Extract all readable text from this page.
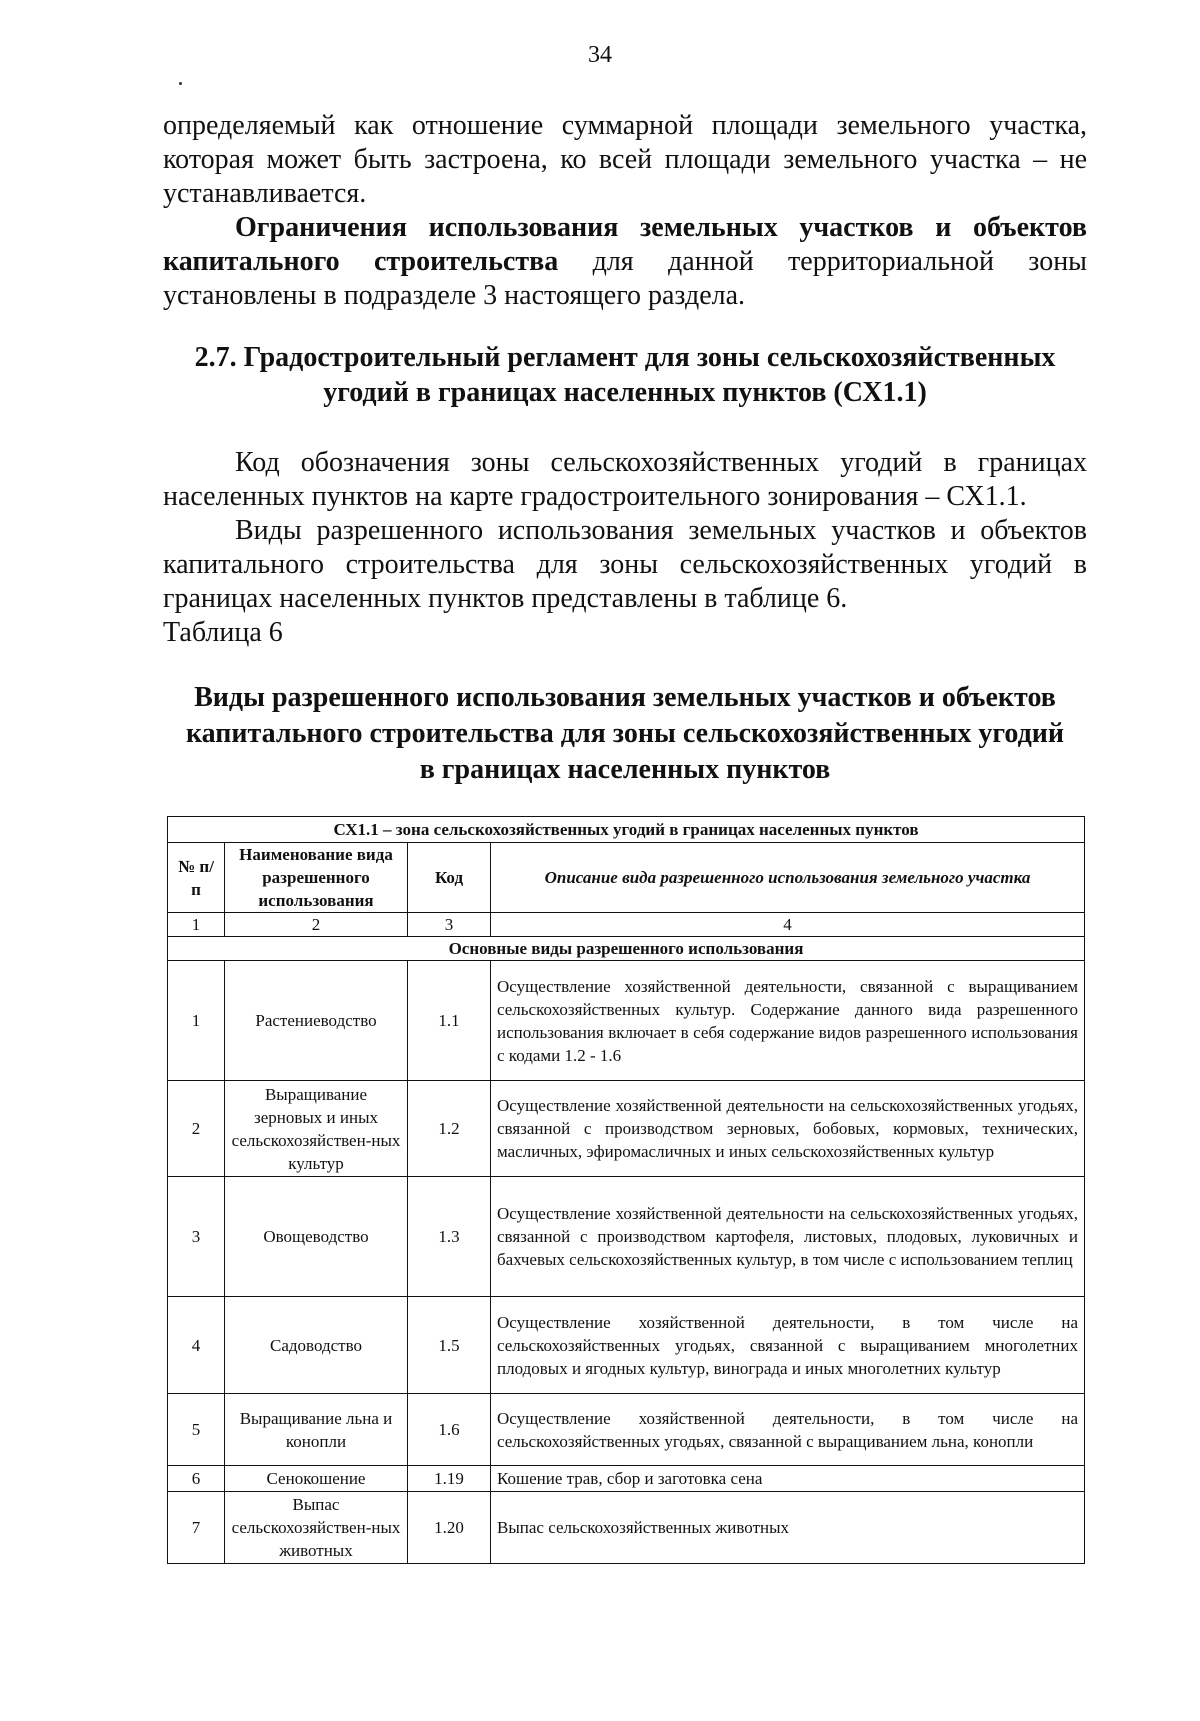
34

определяемый как отношение суммарной площади земельного участка, которая может быть застроена, ко всей площади земельного участка – не устанавливается.

Ограничения использования земельных участков и объектов капитального строительства для данной территориальной зоны установлены в подразделе 3 настоящего раздела.

2.7. Градостроительный регламент для зоны сельскохозяйственных
угодий в границах населенных пунктов (СХ1.1)

Код обозначения зоны сельскохозяйственных угодий в границах населенных пунктов на карте градостроительного зонирования – СХ1.1.

Виды разрешенного использования земельных участков и объектов капитального строительства для зоны сельскохозяйственных угодий в границах населенных пунктов представлены в таблице 6.

Таблица 6

Виды разрешенного использования земельных участков и объектов
капитального строительства для зоны сельскохозяйственных угодий
в границах населенных пунктов
СХ1.1 – зона сельскохозяйственных угодий в границах населенных пунктов			
№ п/п	Наименование вида разрешенного использования	Код	Описание вида разрешенного использования земельного участка
1	2	3	4
Основные виды разрешенного использования			
1	Растениеводство	1.1	Осуществление хозяйственной деятельности, связанной с выращиванием сельскохозяйственных культур. Содержание данного вида разрешенного использования включает в себя содержание видов разрешенного использования с кодами 1.2 - 1.6
2	Выращивание зерновых и иных сельскохозяйствен-ных культур	1.2	Осуществление хозяйственной деятельности на сельскохозяйственных угодьях, связанной с производством зерновых, бобовых, кормовых, технических, масличных, эфиромасличных и иных сельскохозяйственных культур
3	Овощеводство	1.3	Осуществление хозяйственной деятельности на сельскохозяйственных угодьях, связанной с производством картофеля, листовых, плодовых, луковичных и бахчевых сельскохозяйственных культур, в том числе с использованием теплиц
4	Садоводство	1.5	Осуществление хозяйственной деятельности, в том числе на сельскохозяйственных угодьях, связанной с выращиванием многолетних плодовых и ягодных культур, винограда и иных многолетних культур
5	Выращивание льна и конопли	1.6	Осуществление хозяйственной деятельности, в том числе на сельскохозяйственных угодьях, связанной с выращиванием льна, конопли
6	Сенокошение	1.19	Кошение трав, сбор и заготовка сена
7	Выпас сельскохозяйствен-ных животных	1.20	Выпас сельскохозяйственных животных
